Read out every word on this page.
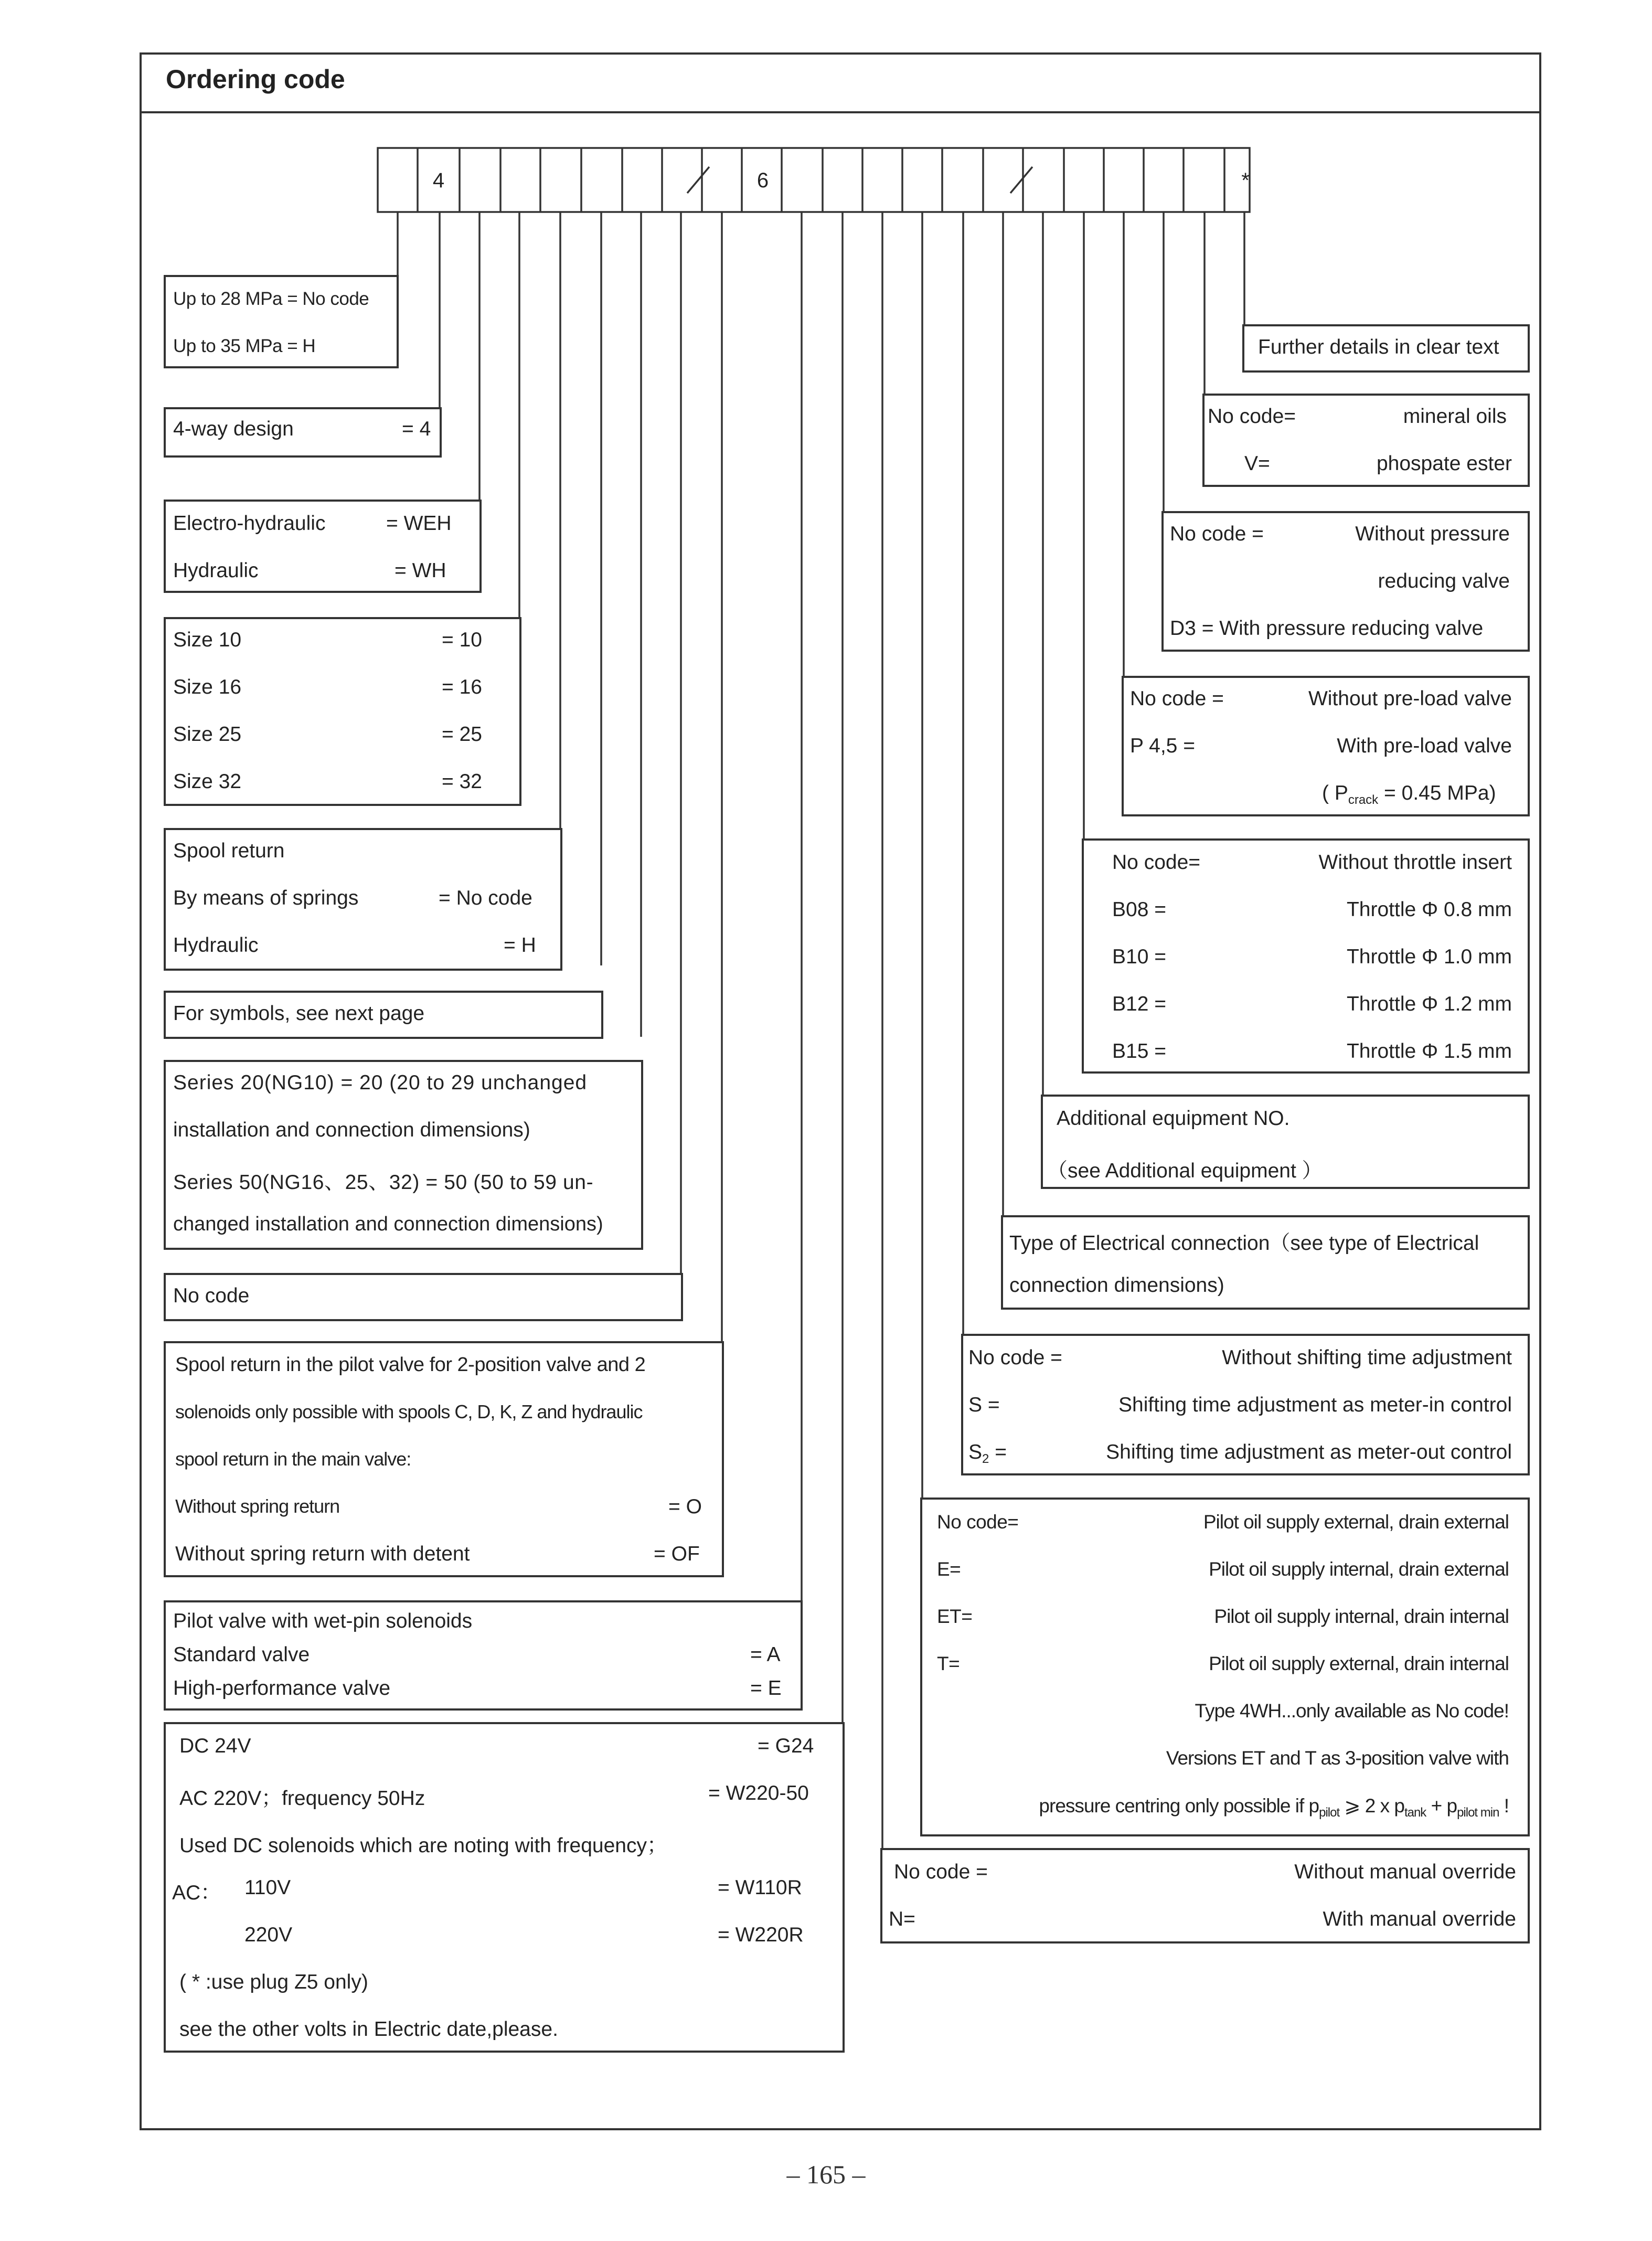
Ordering code
4	6	*
Up to 28 MPa = No code
Up to 35 MPa = H
4-way design	= 4
Electro-hydraulic	= WEH
Hydraulic	= WH
Size 10	= 10
Size 16	= 16
Size 25	= 25
Size 32	= 32
Spool return
By means of springs	= No code
Hydraulic	= H
For symbols, see next page
Series 20(NG10) = 20 (20 to 29 unchanged
installation and connection dimensions)
Series 50(NG16、25、32) = 50 (50 to 59 un-
changed installation and connection dimensions)
No code
Spool return in the pilot valve for 2-position valve and 2
solenoids only possible with spools C, D, K, Z and hydraulic
spool return in the main valve:
Without spring return	= O
Without spring return with detent	= OF
Pilot valve with wet-pin solenoids
Standard valve	= A
High-performance valve	= E
DC 24V	= G24
AC 220V；frequency 50Hz	= W220-50
Used DC solenoids which are noting with frequency；
AC： 110V	= W110R
220V	= W220R
( * :use plug Z5 only)
see the other volts in Electric date,please.
Further details in clear text
No code=	mineral oils
V=	phospate ester
No code =	Without pressure
reducing valve
D3 = With pressure reducing valve
No code =	Without pre-load valve
P 4,5 =	With pre-load valve
( $P_{crack} = 0.45$ MPa)
No code=	Without throttle insert
B08 =	Throttle Φ 0.8 mm
B10 =	Throttle Φ 1.0 mm
B12 =	Throttle Φ 1.2 mm
B15 =	Throttle Φ 1.5 mm
Additional equipment NO.
（see Additional equipment ）
Type of Electrical connection（see type of Electrical
connection dimensions)
No code =	Without shifting time adjustment
S =	Shifting time adjustment as meter-in control
$S_2$ =	Shifting time adjustment as meter-out control
No code=	Pilot oil supply external, drain external
E=	Pilot oil supply internal, drain external
ET=	Pilot oil supply internal, drain internal
T=	Pilot oil supply external, drain internal
Type 4WH...only available as No code!
Versions ET and T as 3-position valve with
pressure centring only possible if $p_{pilot}$ ⩾ 2 x $p_{tank} + p_{pilot min}$ !
No code =	Without manual override
N=	With manual override
– 165 –
